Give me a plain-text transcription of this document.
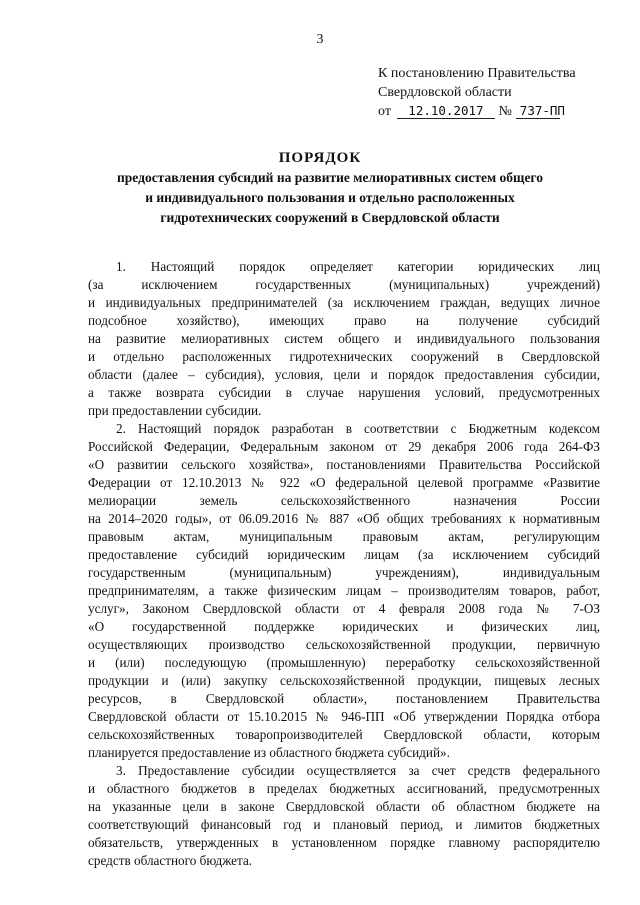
3
К постановлению Правительства
Свердловской области
от 12.10.2017 № 737-ПП
ПОРЯДОК
предоставления субсидий на развитие мелиоративных систем общего
и индивидуального пользования и отдельно расположенных
гидротехнических сооружений в Свердловской области
1. Настоящий порядок определяет категории юридических лиц
(за исключением государственных (муниципальных) учреждений)
и индивидуальных предпринимателей (за исключением граждан, ведущих личное
подсобное хозяйство), имеющих право на получение субсидий
на развитие мелиоративных систем общего и индивидуального пользования
и отдельно расположенных гидротехнических сооружений в Свердловской
области (далее – субсидия), условия, цели и порядок предоставления субсидии,
а также возврата субсидии в случае нарушения условий, предусмотренных
при предоставлении субсидии.
2. Настоящий порядок разработан в соответствии с Бюджетным кодексом
Российской Федерации, Федеральным законом от 29 декабря 2006 года 264-ФЗ
«О развитии сельского хозяйства», постановлениями Правительства Российской
Федерации от 12.10.2013 № 922 «О федеральной целевой программе «Развитие
мелиорации земель сельскохозяйственного назначения России
на 2014–2020 годы», от 06.09.2016 № 887 «Об общих требованиях к нормативным
правовым актам, муниципальным правовым актам, регулирующим
предоставление субсидий юридическим лицам (за исключением субсидий
государственным (муниципальным) учреждениям), индивидуальным
предпринимателям, а также физическим лицам – производителям товаров, работ,
услуг», Законом Свердловской области от 4 февраля 2008 года № 7-ОЗ
«О государственной поддержке юридических и физических лиц,
осуществляющих производство сельскохозяйственной продукции, первичную
и (или) последующую (промышленную) переработку сельскохозяйственной
продукции и (или) закупку сельскохозяйственной продукции, пищевых лесных
ресурсов, в Свердловской области», постановлением Правительства
Свердловской области от 15.10.2015 № 946-ПП «Об утверждении Порядка отбора
сельскохозяйственных товаропроизводителей Свердловской области, которым
планируется предоставление из областного бюджета субсидий».
3. Предоставление субсидии осуществляется за счет средств федерального
и областного бюджетов в пределах бюджетных ассигнований, предусмотренных
на указанные цели в законе Свердловской области об областном бюджете на
соответствующий финансовый год и плановый период, и лимитов бюджетных
обязательств, утвержденных в установленном порядке главному распорядителю
средств областного бюджета.
